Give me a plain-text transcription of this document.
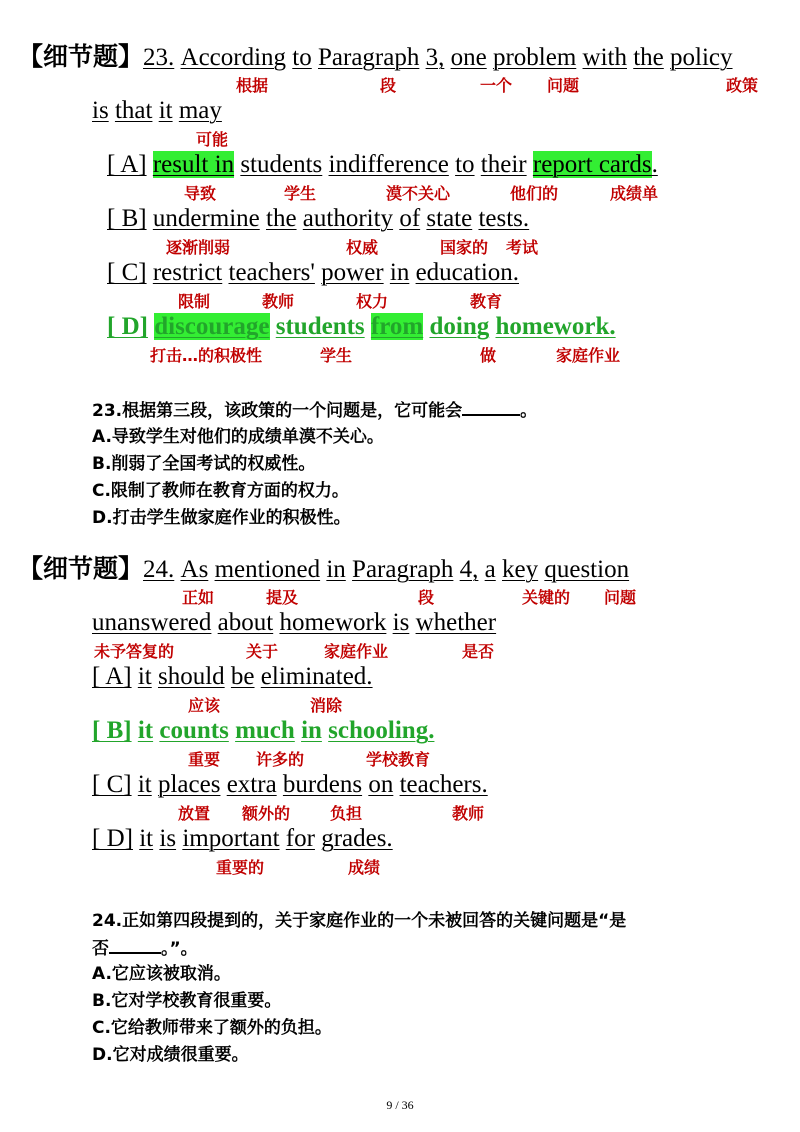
【细节题】23. According to Paragraph 3, one problem with the policy
根据	段	一个 问题	政策
is that it may
可能
[ A] result in students indifference to their report cards.
导致	学生	漠不关心	他们的	成绩单
[ B] undermine the authority of state tests.
逐渐削弱	权威	国家的 考试
[ C] restrict teachers' power in education.
限制	教师	权力	教育
[ D] discourage students from doing homework.
打击…的积极性	学生	做	家庭作业
23.根据第三段，该政策的一个问题是，它可能会	。
A.导致学生对他们的成绩单漠不关心。
B.削弱了全国考试的权威性。
C.限制了教师在教育方面的权力。
D.打击学生做家庭作业的积极性。
【细节题】24. As mentioned in Paragraph 4, a key question
正如	提及	段	关键的 问题
unanswered about homework is whether
未予答复的	关于	家庭作业	是否
[ A] it should be eliminated.
应该	消除
[ B] it counts much in schooling.
重要 许多的	学校教育
[ C] it places extra burdens on teachers.
放置 额外的 负担	教师
[ D] it is important for grades.
重要的	成绩
24.正如第四段提到的，关于家庭作业的一个未被回答的关键问题是“是
否	。”。
A.它应该被取消。
B.它对学校教育很重要。
C.它给教师带来了额外的负担。
D.它对成绩很重要。
9 / 36
